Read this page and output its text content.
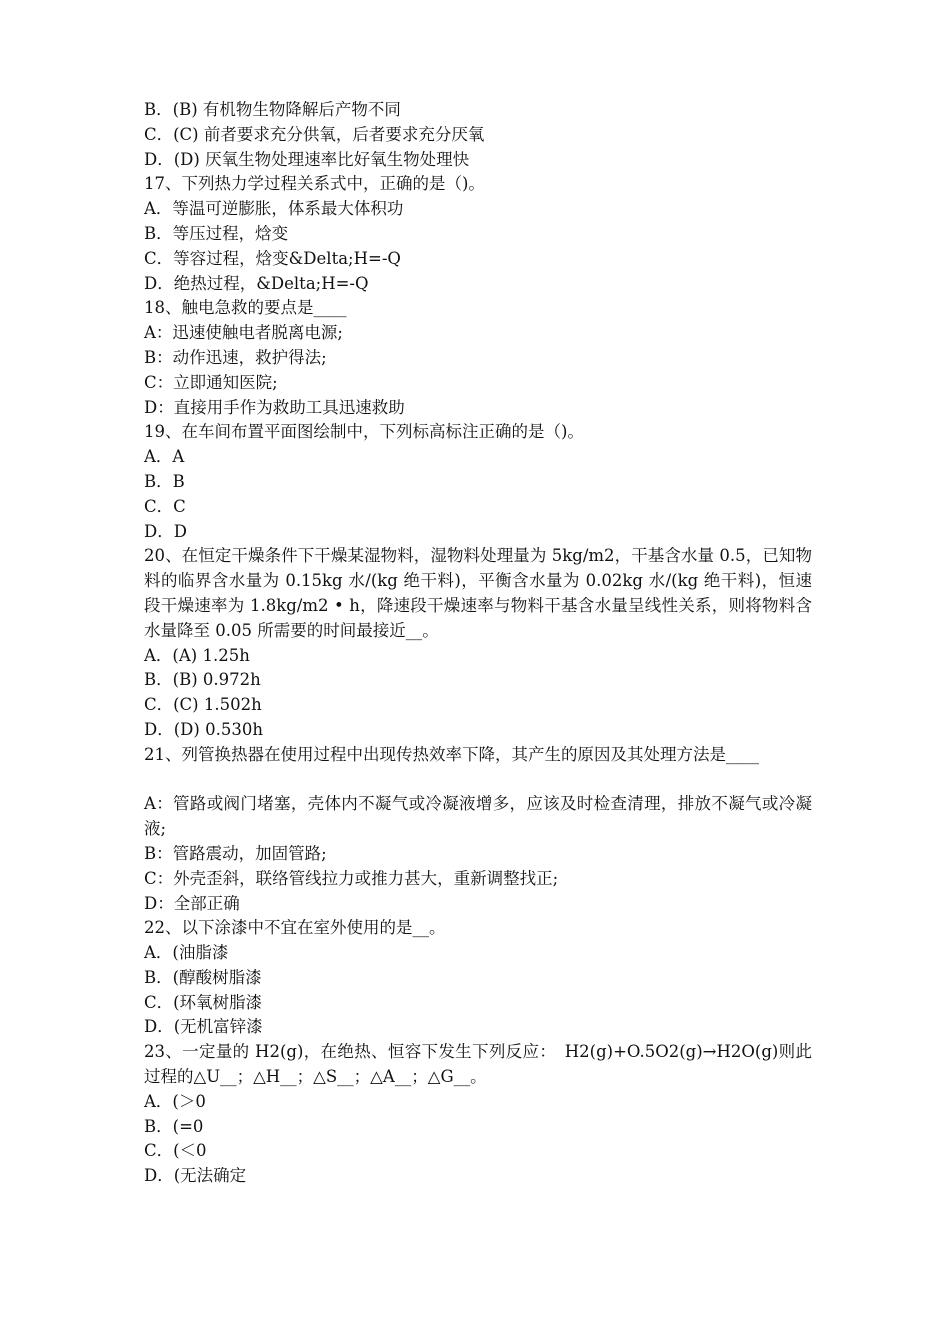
B．(B) 有机物生物降解后产物不同
C．(C) 前者要求充分供氧，后者要求充分厌氧
D．(D) 厌氧生物处理速率比好氧生物处理快
17、下列热力学过程关系式中，正确的是（)。
A．等温可逆膨胀，体系最大体积功
B．等压过程，焓变
C．等容过程，焓变&Delta;H=-Q
D．绝热过程，&Delta;H=-Q
18、触电急救的要点是____
A：迅速使触电者脱离电源;
B：动作迅速，救护得法;
C：立即通知医院;
D：直接用手作为救助工具迅速救助
19、在车间布置平面图绘制中，下列标高标注正确的是（)。
A．A
B．B
C．C
D．D
20、在恒定干燥条件下干燥某湿物料，湿物料处理量为 5kg/m2，干基含水量 0.5，已知物料的临界含水量为 0.15kg 水/(kg 绝干料)，平衡含水量为 0.02kg 水/(kg 绝干料)，恒速段干燥速率为 1.8kg/m2 • h，降速段干燥速率与物料干基含水量呈线性关系，则将物料含水量降至 0.05 所需要的时间最接近__。
A．(A) 1.25h
B．(B) 0.972h
C．(C) 1.502h
D．(D) 0.530h
21、列管换热器在使用过程中出现传热效率下降，其产生的原因及其处理方法是____
A：管路或阀门堵塞，壳体内不凝气或冷凝液增多，应该及时检查清理，排放不凝气或冷凝液;
B：管路震动，加固管路;
C：外壳歪斜，联络管线拉力或推力甚大，重新调整找正;
D：全部正确
22、以下涂漆中不宜在室外使用的是__。
A．(油脂漆
B．(醇酸树脂漆
C．(环氧树脂漆
D．(无机富锌漆
23、一定量的 H2(g)，在绝热、恒容下发生下列反应：　H2(g)+O.5O2(g)→H2O(g)则此过程的△U__；△H__；△S__；△A__；△G__。
A．(＞0
B．(=0
C．(＜0
D．(无法确定
